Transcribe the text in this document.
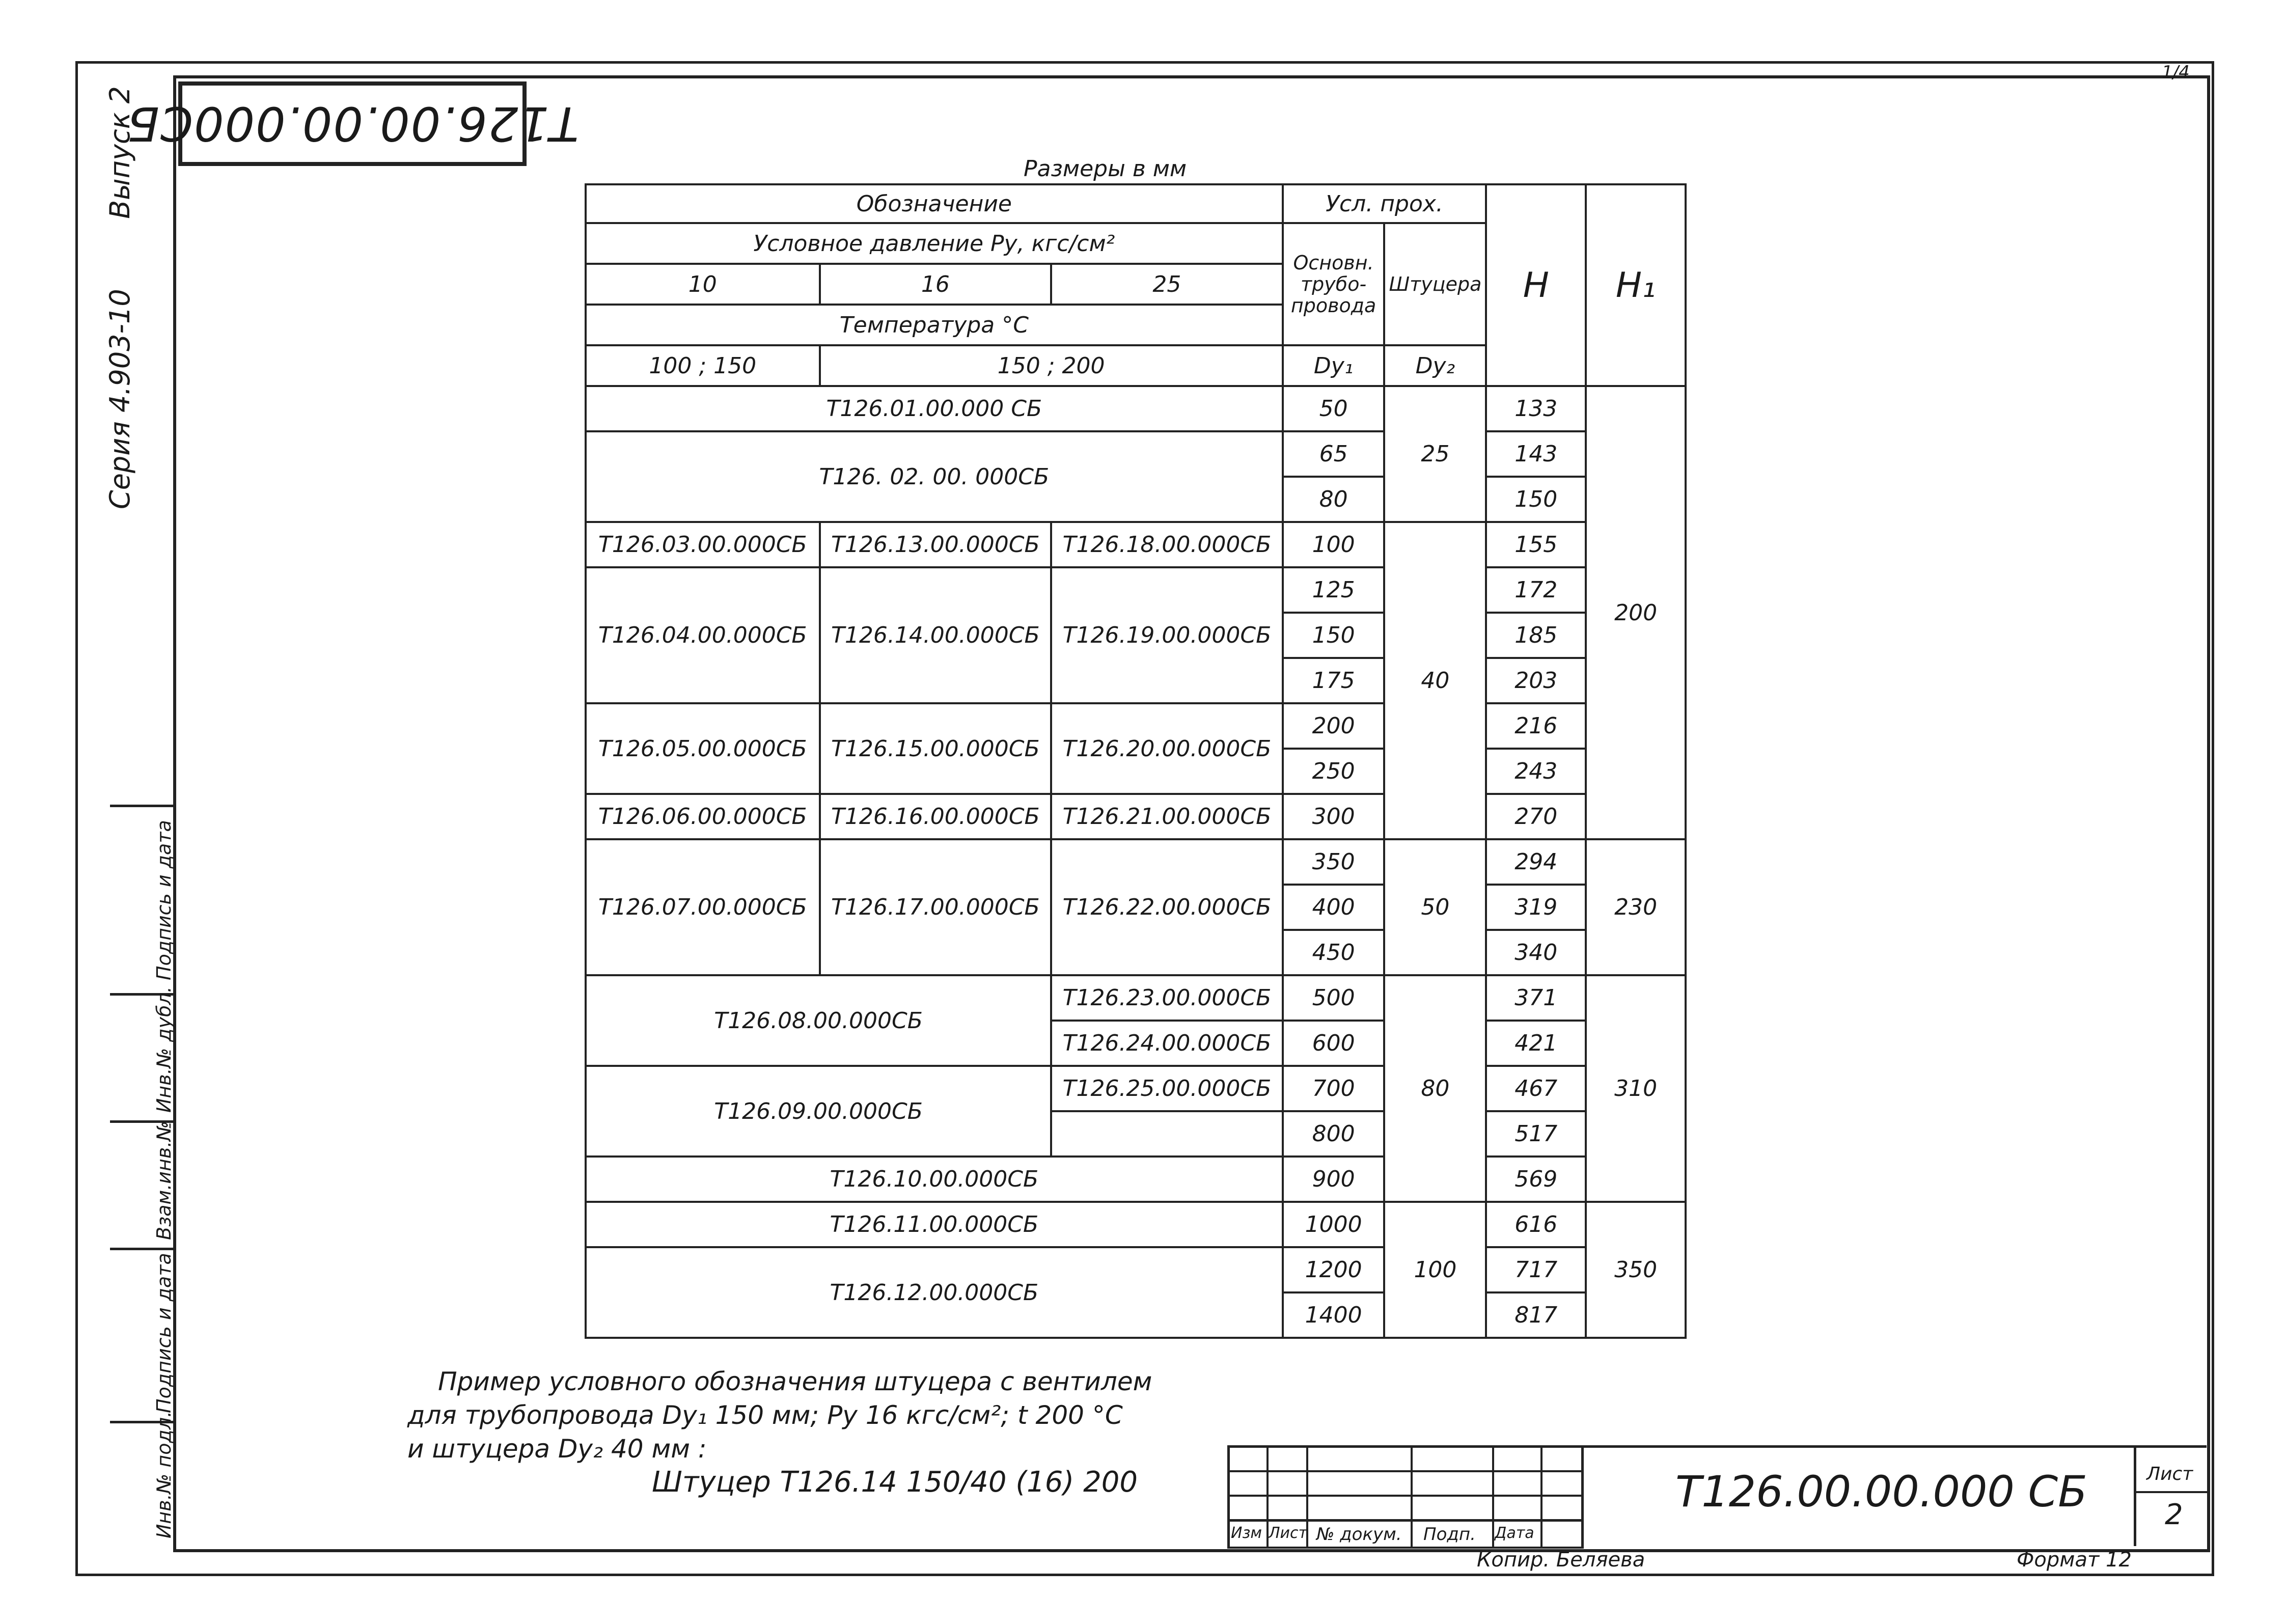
1/4
Т126.00.00.000СБ
Серия 4.903-10        Выпуск 2
Подпись и дата
Инв.№ дубл.
Взам.инв.№
Подпись и дата
Инв.№ подл.
Размеры в мм
Обозначение			Усл. проx.		H	H₁
Условное давление Ру, кгс/см²			Основн. трубо-провода	Штуцера		
10	16	25				
Температура °С						
100 ; 150	150 ; 200		Dy₁	Dy₂		
Т126.01.00.000 СБ			50	25	133	200
Т126. 02. 00. 000СБ			65		143	
			80		150	
Т126.03.00.000СБ	Т126.13.00.000СБ	Т126.18.00.000СБ	100	40	155	
Т126.04.00.000СБ	Т126.14.00.000СБ	Т126.19.00.000СБ	125		172	
			150		185	
			175		203	
Т126.05.00.000СБ	Т126.15.00.000СБ	Т126.20.00.000СБ	200		216	
			250		243	
Т126.06.00.000СБ	Т126.16.00.000СБ	Т126.21.00.000СБ	300		270	
Т126.07.00.000СБ	Т126.17.00.000СБ	Т126.22.00.000СБ	350	50	294	230
			400		319	
			450		340	
Т126.08.00.000СБ		Т126.23.00.000СБ	500	80	371	310
		Т126.24.00.000СБ	600		421	
Т126.09.00.000СБ		Т126.25.00.000СБ	700		467	
			800		517	
Т126.10.00.000СБ			900		569	
Т126.11.00.000СБ			1000	100	616	350
Т126.12.00.000СБ			1200		717	
			1400		817	
Пример условного обозначения штуцера с вентилем
для трубопровода Dy₁ 150 мм; Py 16 кгс/см²; t 200 °С
и штуцера Dy₂ 40 мм :
Штуцер Т126.14 150/40 (16) 200
Изм Лист № докум. Подп. Дата
Т126.00.00.000 СБ	Лист
2
Копир. Беляева	Формат 12
